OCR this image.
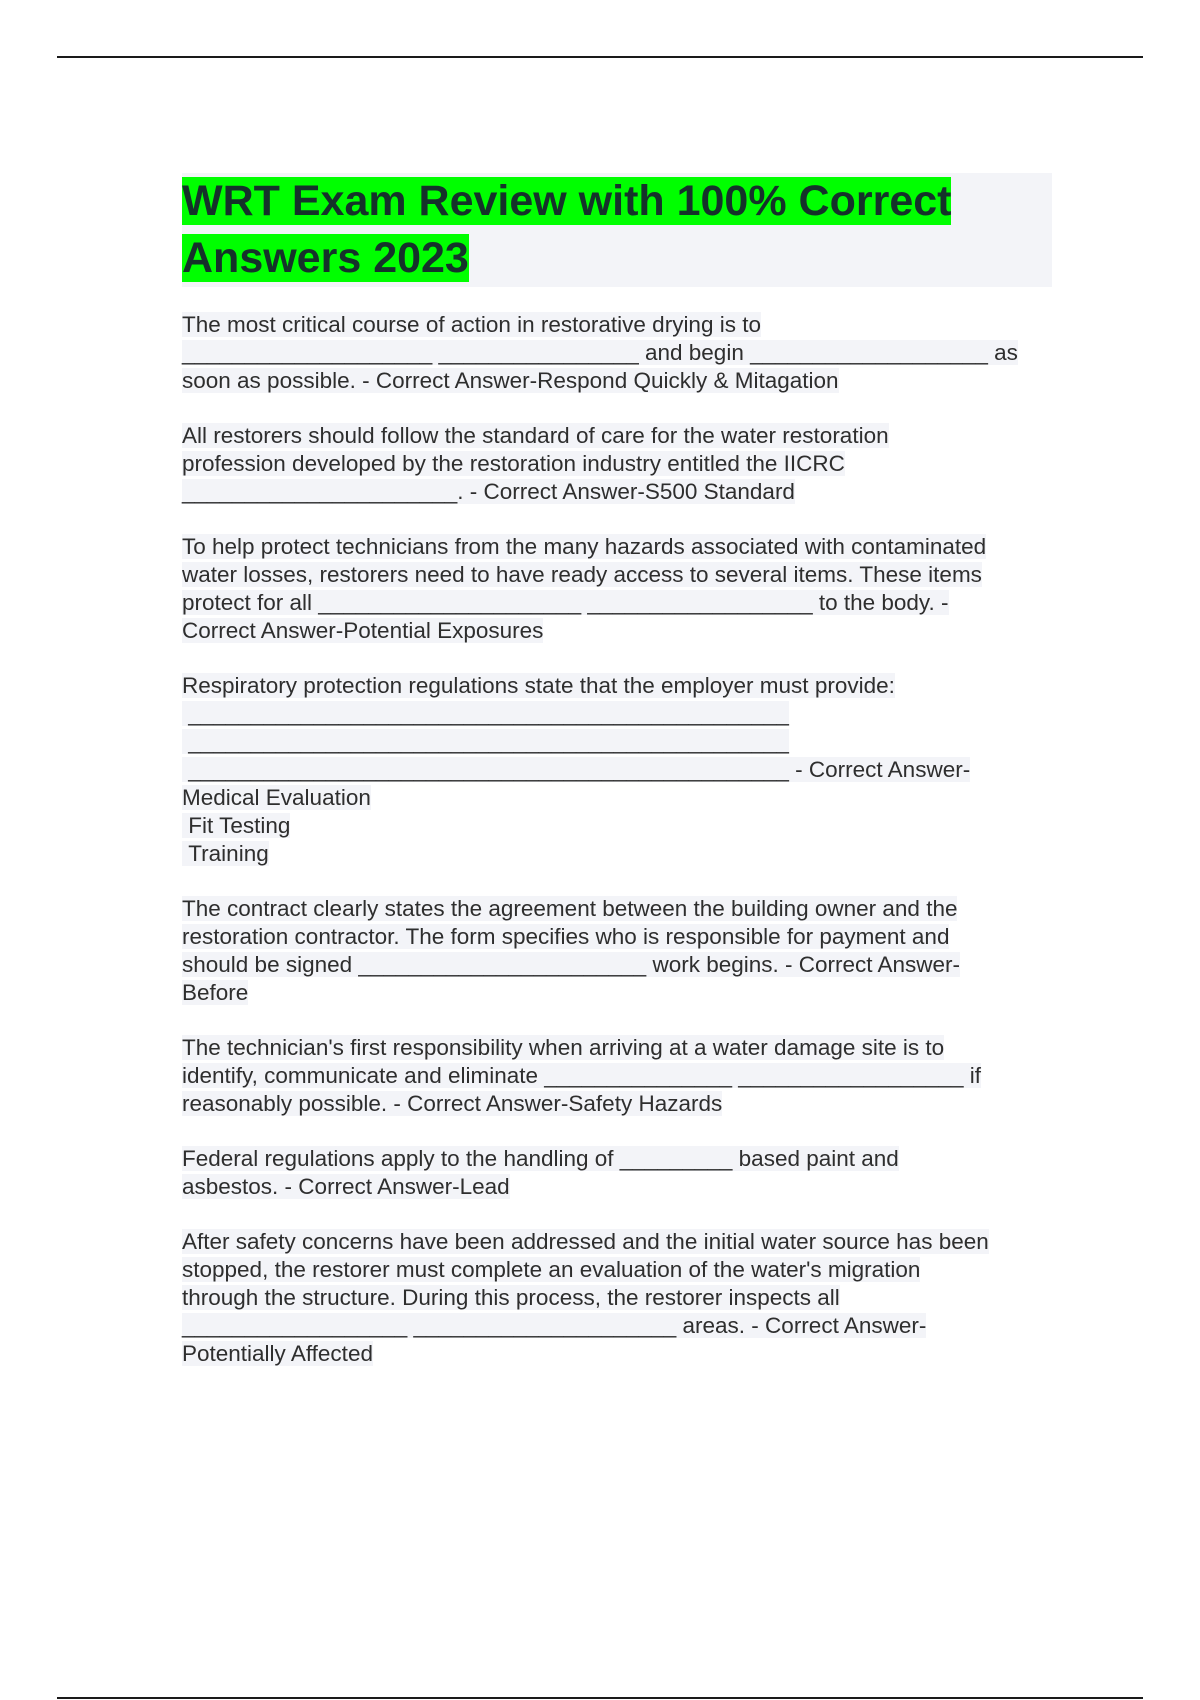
WRT Exam Review with 100% Correct Answers 2023
The most critical course of action in restorative drying is to
____________________ ________________ and begin ___________________ as
soon as possible. - Correct Answer-Respond Quickly & Mitagation
All restorers should follow the standard of care for the water restoration
profession developed by the restoration industry entitled the IICRC
______________________. - Correct Answer-S500 Standard
To help protect technicians from the many hazards associated with contaminated
water losses, restorers need to have ready access to several items. These items
protect for all _____________________ __________________ to the body. -
Correct Answer-Potential Exposures
Respiratory protection regulations state that the employer must provide:
________________________________________________
________________________________________________
________________________________________________ - Correct Answer-
Medical Evaluation
Fit Testing
Training
The contract clearly states the agreement between the building owner and the
restoration contractor. The form specifies who is responsible for payment and
should be signed _______________________ work begins. - Correct Answer-
Before
The technician's first responsibility when arriving at a water damage site is to
identify, communicate and eliminate _______________ __________________ if
reasonably possible. - Correct Answer-Safety Hazards
Federal regulations apply to the handling of _________ based paint and
asbestos. - Correct Answer-Lead
After safety concerns have been addressed and the initial water source has been
stopped, the restorer must complete an evaluation of the water's migration
through the structure. During this process, the restorer inspects all
__________________ _____________________ areas. - Correct Answer-
Potentially Affected
